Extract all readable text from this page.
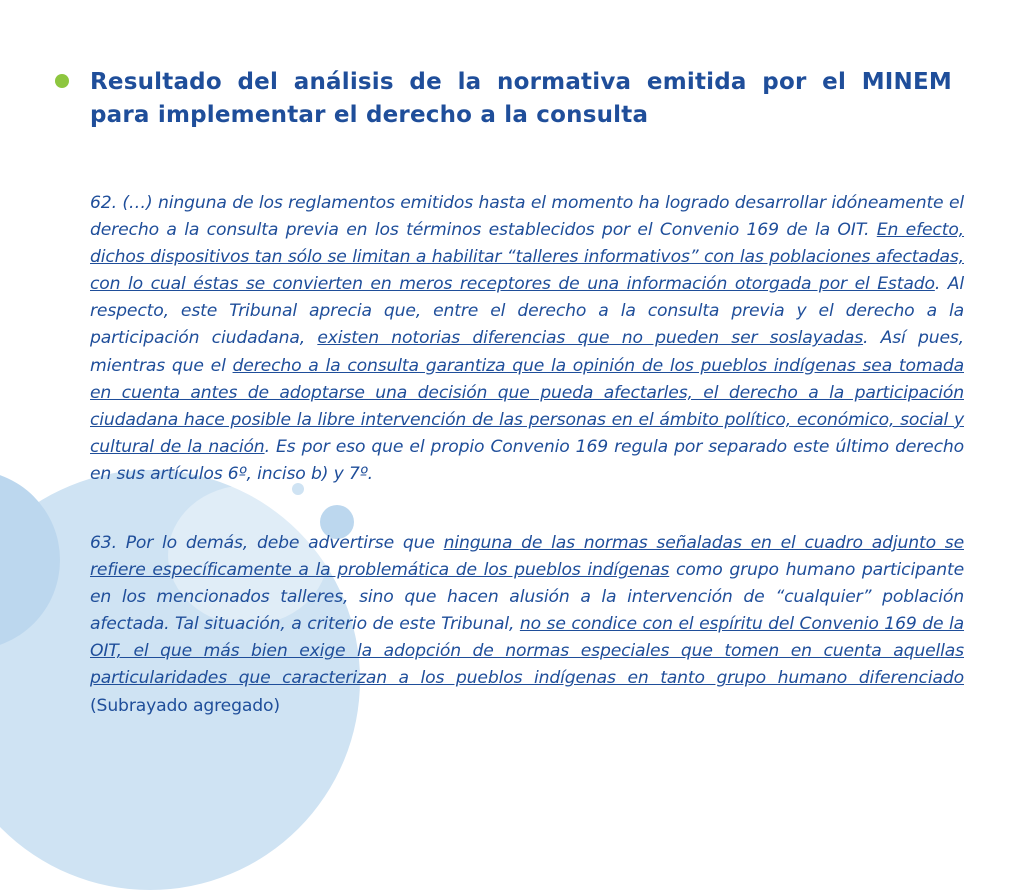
Resultado del análisis de la normativa emitida por el MINEM para implementar el derecho a la consulta
62. (…) ninguna de los reglamentos emitidos hasta el momento ha logrado desarrollar idóneamente el derecho a la consulta previa en los términos establecidos por el Convenio 169 de la OIT. En efecto, dichos dispositivos tan sólo se limitan a habilitar “talleres informativos” con las poblaciones afectadas, con lo cual éstas se convierten en meros receptores de una información otorgada por el Estado. Al respecto, este Tribunal aprecia que, entre el derecho a la consulta previa y el derecho a la participación ciudadana, existen notorias diferencias que no pueden ser soslayadas. Así pues, mientras que el derecho a la consulta garantiza que la opinión de los pueblos indígenas sea tomada en cuenta antes de adoptarse una decisión que pueda afectarles, el derecho a la participación ciudadana hace posible la libre intervención de las personas en el ámbito político, económico, social y cultural de la nación. Es por eso que el propio Convenio 169 regula por separado este último derecho en sus artículos 6º, inciso b) y 7º.
63. Por lo demás, debe advertirse que ninguna de las normas señaladas en el cuadro adjunto se refiere específicamente a la problemática de los pueblos indígenas como grupo humano participante en los mencionados talleres, sino que hacen alusión a la intervención de “cualquier” población afectada. Tal situación, a criterio de este Tribunal, no se condice con el espíritu del Convenio 169 de la OIT, el que más bien exige la adopción de normas especiales que tomen en cuenta aquellas particularidades que caracterizan a los pueblos indígenas en tanto grupo humano diferenciado (Subrayado agregado)
